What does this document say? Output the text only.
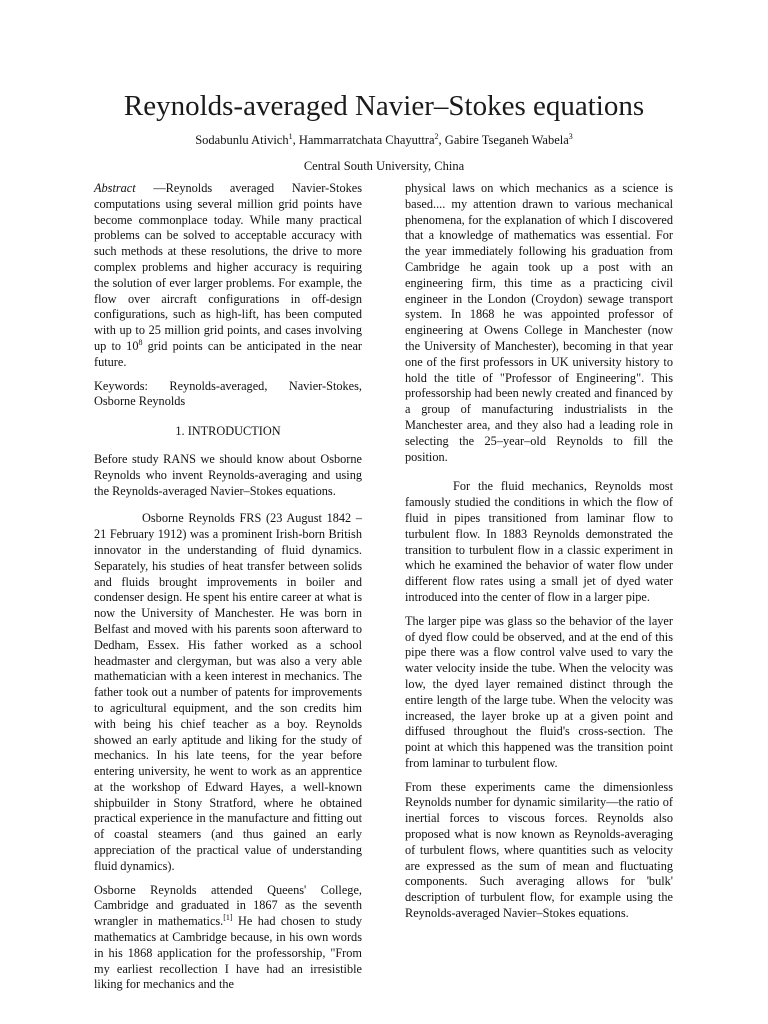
Reynolds-averaged Navier–Stokes equations
Sodabunlu Ativich$^1$, Hammarratchata Chayuttra$^2$, Gabire Tseganeh Wabela$^3$
Central South University, China

Abstract —Reynolds averaged Navier-Stokes computations using several million grid points have become commonplace today. While many practical problems can be solved to acceptable accuracy with such methods at these resolutions, the drive to more complex problems and higher accuracy is requiring the solution of ever larger problems. For example, the flow over aircraft configurations in off-design configurations, such as high-lift, has been computed with up to 25 million grid points, and cases involving up to $10^8$ grid points can be anticipated in the near future.

Keywords: Reynolds-averaged, Navier-Stokes, Osborne Reynolds

1. INTRODUCTION

Before study RANS we should know about Osborne Reynolds who invent Reynolds-averaging and using the Reynolds-averaged Navier–Stokes equations.

Osborne Reynolds FRS (23 August 1842 – 21 February 1912) was a prominent Irish-born British innovator in the understanding of fluid dynamics. Separately, his studies of heat transfer between solids and fluids brought improvements in boiler and condenser design. He spent his entire career at what is now the University of Manchester. He was born in Belfast and moved with his parents soon afterward to Dedham, Essex. His father worked as a school headmaster and clergyman, but was also a very able mathematician with a keen interest in mechanics. The father took out a number of patents for improvements to agricultural equipment, and the son credits him with being his chief teacher as a boy. Reynolds showed an early aptitude and liking for the study of mechanics. In his late teens, for the year before entering university, he went to work as an apprentice at the workshop of Edward Hayes, a well-known shipbuilder in Stony Stratford, where he obtained practical experience in the manufacture and fitting out of coastal steamers (and thus gained an early appreciation of the practical value of understanding fluid dynamics).

Osborne Reynolds attended Queens' College, Cambridge and graduated in 1867 as the seventh wrangler in mathematics.[1] He had chosen to study mathematics at Cambridge because, in his own words in his 1868 application for the professorship, "From my earliest recollection I have had an irresistible liking for mechanics and the

physical laws on which mechanics as a science is based.... my attention drawn to various mechanical phenomena, for the explanation of which I discovered that a knowledge of mathematics was essential. For the year immediately following his graduation from Cambridge he again took up a post with an engineering firm, this time as a practicing civil engineer in the London (Croydon) sewage transport system. In 1868 he was appointed professor of engineering at Owens College in Manchester (now the University of Manchester), becoming in that year one of the first professors in UK university history to hold the title of "Professor of Engineering". This professorship had been newly created and financed by a group of manufacturing industrialists in the Manchester area, and they also had a leading role in selecting the 25–year–old Reynolds to fill the position.

For the fluid mechanics, Reynolds most famously studied the conditions in which the flow of fluid in pipes transitioned from laminar flow to turbulent flow. In 1883 Reynolds demonstrated the transition to turbulent flow in a classic experiment in which he examined the behavior of water flow under different flow rates using a small jet of dyed water introduced into the center of flow in a larger pipe.

The larger pipe was glass so the behavior of the layer of dyed flow could be observed, and at the end of this pipe there was a flow control valve used to vary the water velocity inside the tube. When the velocity was low, the dyed layer remained distinct through the entire length of the large tube. When the velocity was increased, the layer broke up at a given point and diffused throughout the fluid's cross-section. The point at which this happened was the transition point from laminar to turbulent flow.

From these experiments came the dimensionless Reynolds number for dynamic similarity—the ratio of inertial forces to viscous forces. Reynolds also proposed what is now known as Reynolds-averaging of turbulent flows, where quantities such as velocity are expressed as the sum of mean and fluctuating components. Such averaging allows for 'bulk' description of turbulent flow, for example using the Reynolds-averaged Navier–Stokes equations.
